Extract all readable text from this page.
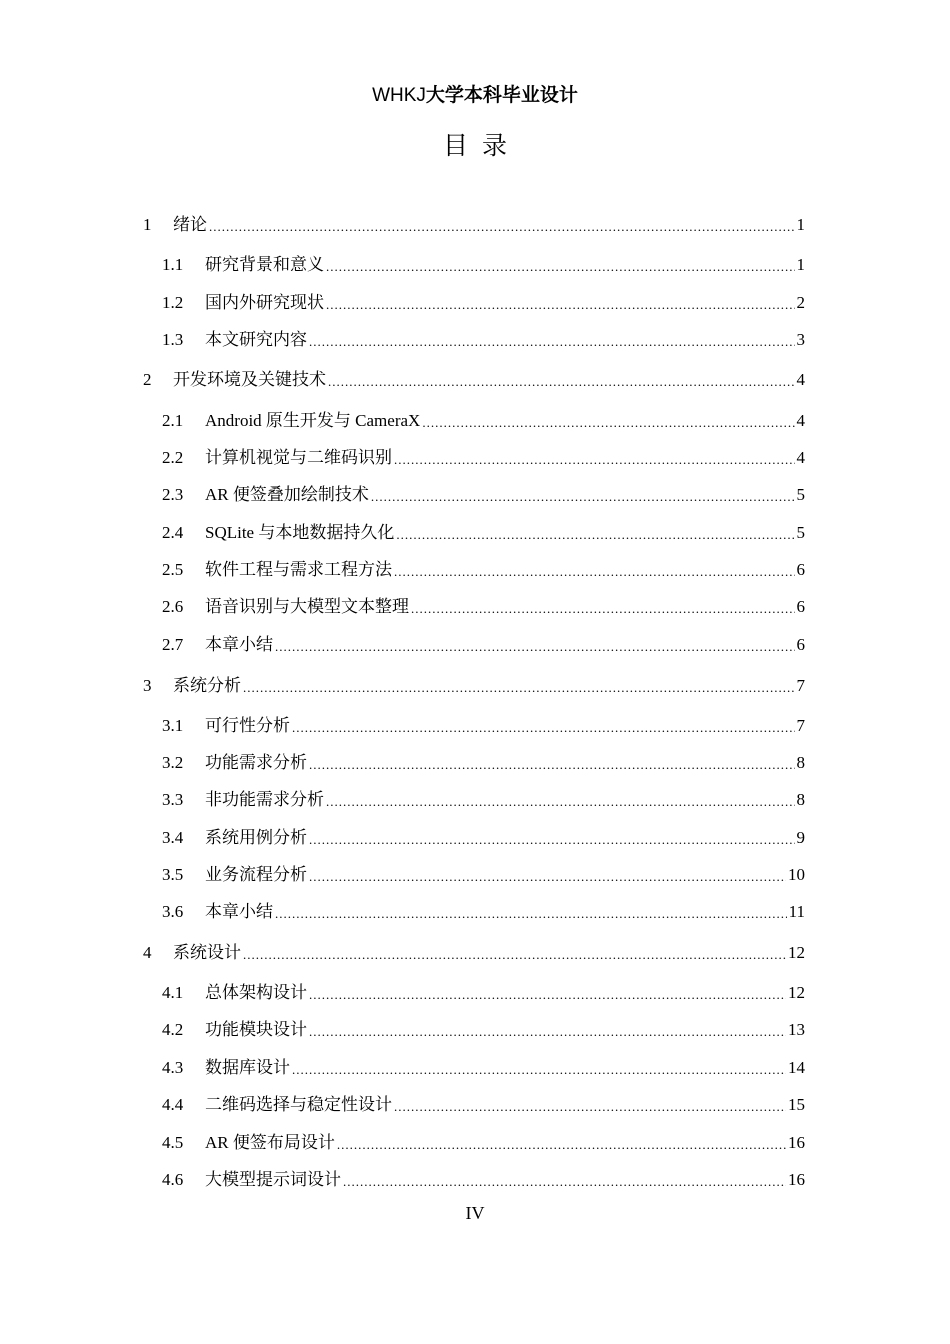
WHKJ大学本科毕业设计
目录
1	绪论 .....	1
1.1	研究背景和意义 .....	1
1.2	国内外研究现状 .....	2
1.3	本文研究内容 .....	3
2	开发环境及关键技术 .....	4
2.1	Android 原生开发与 CameraX .....	4
2.2	计算机视觉与二维码识别 .....	4
2.3	AR 便签叠加绘制技术 .....	5
2.4	SQLite 与本地数据持久化 .....	5
2.5	软件工程与需求工程方法 .....	6
2.6	语音识别与大模型文本整理 .....	6
2.7	本章小结 .....	6
3	系统分析 .....	7
3.1	可行性分析 .....	7
3.2	功能需求分析 .....	8
3.3	非功能需求分析 .....	8
3.4	系统用例分析 .....	9
3.5	业务流程分析 .....	10
3.6	本章小结 .....	11
4	系统设计 .....	12
4.1	总体架构设计 .....	12
4.2	功能模块设计 .....	13
4.3	数据库设计 .....	14
4.4	二维码选择与稳定性设计 .....	15
4.5	AR 便签布局设计 .....	16
4.6	大模型提示词设计 .....	16
IV
